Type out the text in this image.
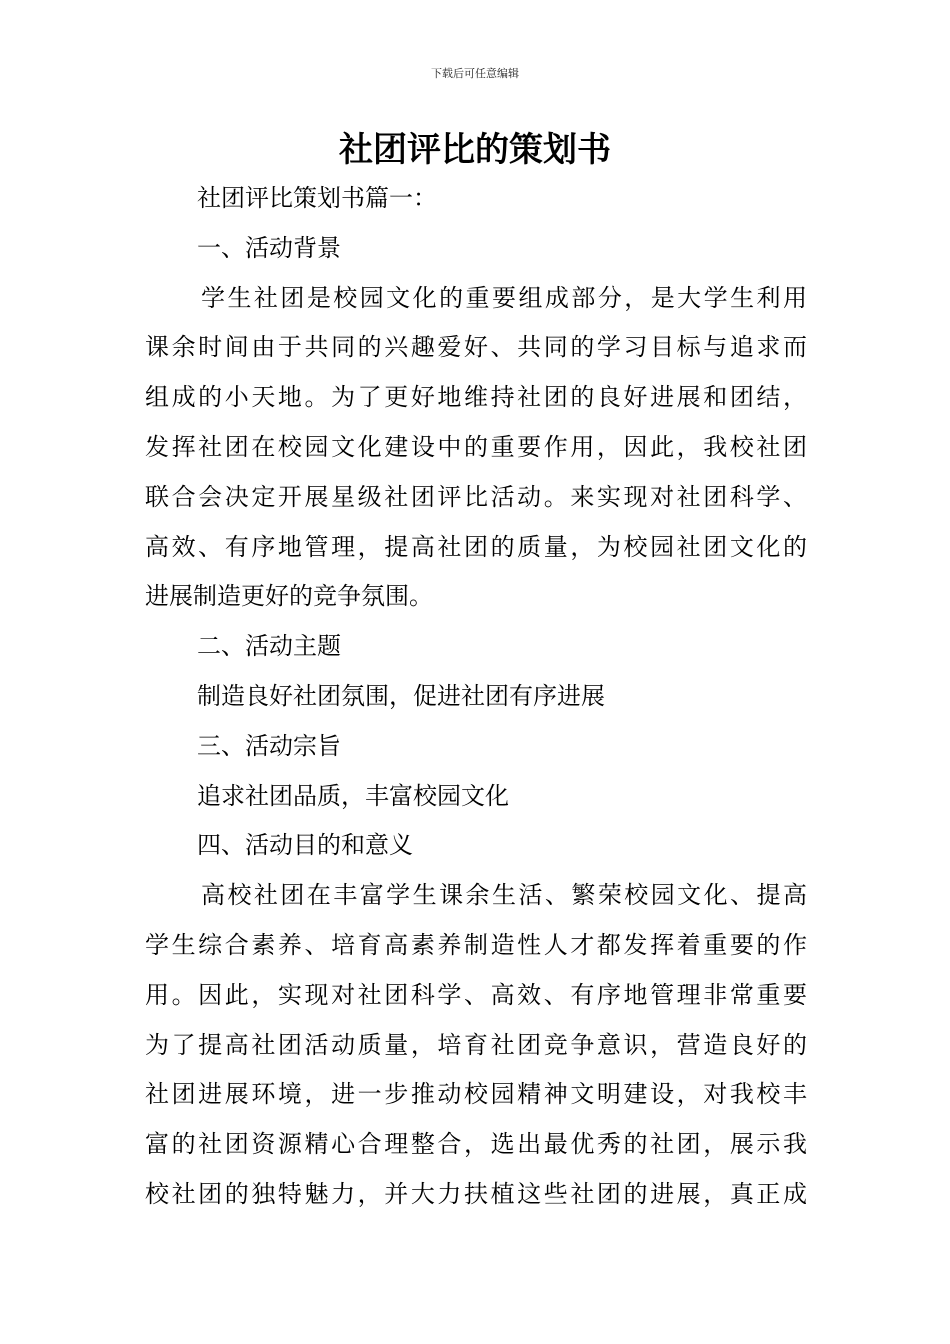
下载后可任意编辑
社团评比的策划书
社团评比策划书篇一：
一、活动背景
学生社团是校园文化的重要组成部分，是大学生利用
课余时间由于共同的兴趣爱好、共同的学习目标与追求而
组成的小天地。为了更好地维持社团的良好进展和团结，
发挥社团在校园文化建设中的重要作用，因此，我校社团
联合会决定开展星级社团评比活动。来实现对社团科学、
高效、有序地管理，提高社团的质量，为校园社团文化的
进展制造更好的竞争氛围。
二、活动主题
制造良好社团氛围，促进社团有序进展
三、活动宗旨
追求社团品质，丰富校园文化
四、活动目的和意义
高校社团在丰富学生课余生活、繁荣校园文化、提高
学生综合素养、培育高素养制造性人才都发挥着重要的作
用。因此，实现对社团科学、高效、有序地管理非常重要
为了提高社团活动质量，培育社团竞争意识，营造良好的
社团进展环境，进一步推动校园精神文明建设，对我校丰
富的社团资源精心合理整合，选出最优秀的社团，展示我
校社团的独特魅力，并大力扶植这些社团的进展，真正成
